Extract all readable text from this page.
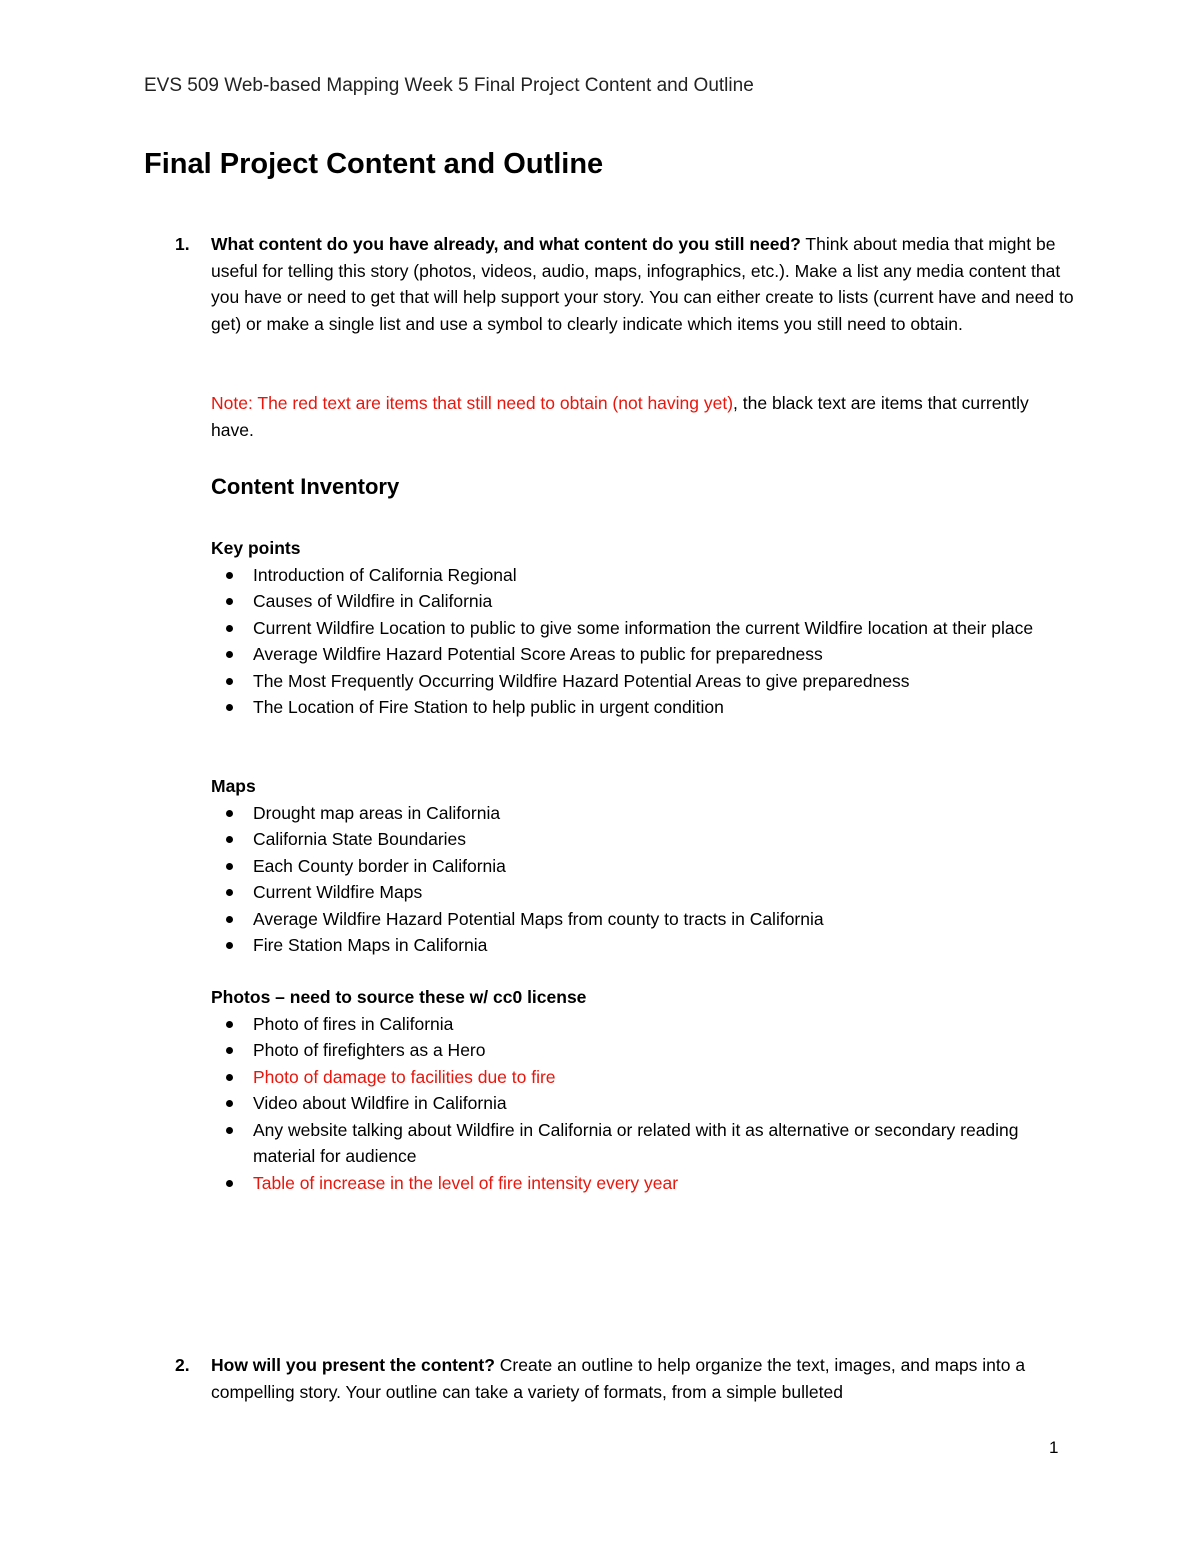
EVS 509 Web-based Mapping Week 5 Final Project Content and Outline
Final Project Content and Outline
1. What content do you have already, and what content do you still need? Think about media that might be useful for telling this story (photos, videos, audio, maps, infographics, etc.). Make a list any media content that you have or need to get that will help support your story. You can either create to lists (current have and need to get) or make a single list and use a symbol to clearly indicate which items you still need to obtain.
Note: The red text are items that still need to obtain (not having yet), the black text are items that currently have.
Content Inventory
Key points
Introduction of California Regional
Causes of Wildfire in California
Current Wildfire Location to public to give some information the current Wildfire location at their place
Average Wildfire Hazard Potential Score Areas to public for preparedness
The Most Frequently Occurring Wildfire Hazard Potential Areas to give preparedness
The Location of Fire Station to help public in urgent condition
Maps
Drought map areas in California
California State Boundaries
Each County border in California
Current Wildfire Maps
Average Wildfire Hazard Potential Maps from county to tracts in California
Fire Station Maps in California
Photos – need to source these w/ cc0 license
Photo of fires in California
Photo of firefighters as a Hero
Photo of damage to facilities due to fire
Video about Wildfire in California
Any website talking about Wildfire in California or related with it as alternative or secondary reading material for audience
Table of increase in the level of fire intensity every year
2. How will you present the content? Create an outline to help organize the text, images, and maps into a compelling story. Your outline can take a variety of formats, from a simple bulleted
1
